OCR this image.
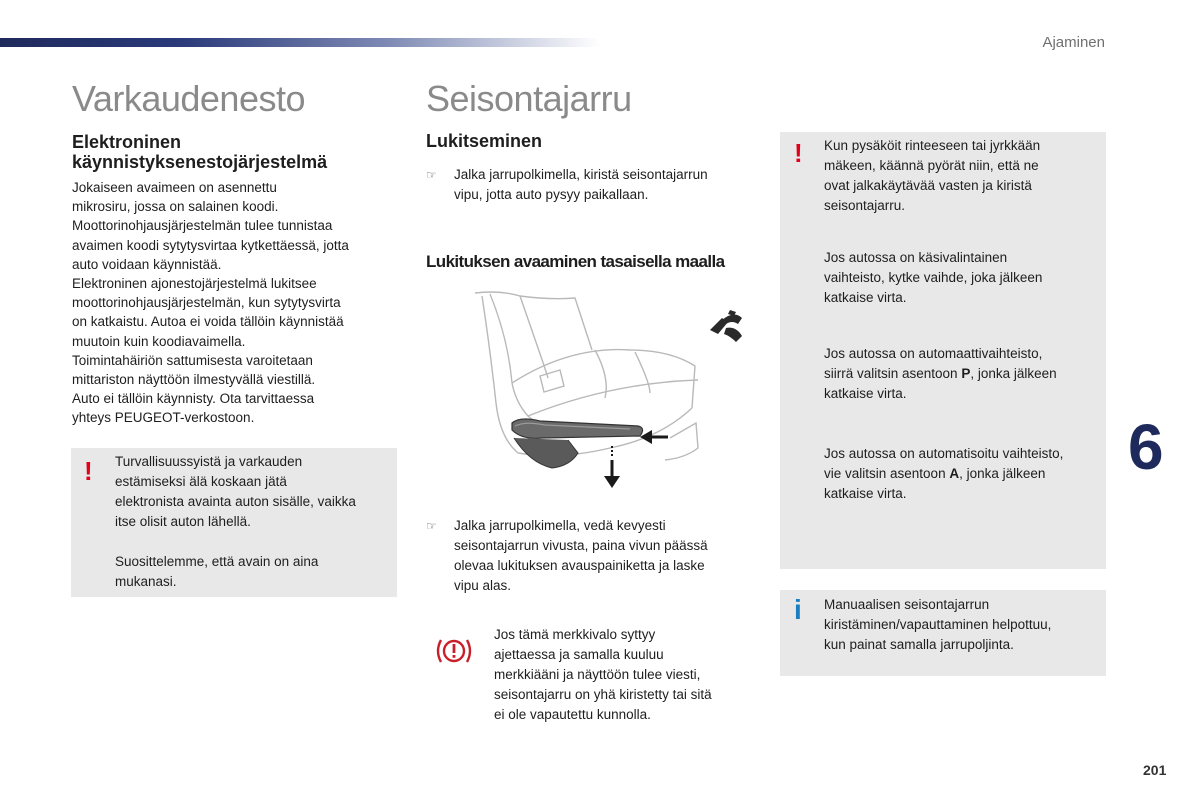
Ajaminen
Varkaudenesto
Elektroninen käynnistyksenestojärjestelmä

Jokaiseen avaimeen on asennettu

mikrosiru, jossa on salainen koodi.

Moottorinohjausjärjestelmän tulee tunnistaa

avaimen koodi sytytysvirtaa kytkettäessä, jotta

auto voidaan käynnistää.

Elektroninen ajonestojärjestelmä lukitsee

moottorinohjausjärjestelmän, kun sytytysvirta

on katkaistu. Autoa ei voida tällöin käynnistää

muutoin kuin koodiavaimella.

Toimintahäiriön sattumisesta varoitetaan

mittariston näyttöön ilmestyvällä viestillä.

Auto ei tällöin käynnisty. Ota tarvittaessa

yhteys PEUGEOT-verkostoon.

! Turvallisuussyistä ja varkauden

estämiseksi älä koskaan jätä

elektronista avainta auton sisälle, vaikka

itse olisit auton lähellä.

Suosittelemme, että avain on aina

mukanasi.

Seisontajarru
Lukitseminen
☞ Jalka jarrupolkimella, kiristä seisontajarrun
vipu, jotta auto pysyy paikallaan.
Lukituksen avaaminen tasaisella maalla
☞ Jalka jarrupolkimella, vedä kevyesti
seisontajarrun vivusta, paina vivun päässä
olevaa lukituksen avauspainiketta ja laske
vipu alas.

Jos tämä merkkivalo syttyy

ajettaessa ja samalla kuuluu

merkkiääni ja näyttöön tulee viesti,

seisontajarru on yhä kiristetty tai sitä

ei ole vapautettu kunnolla.

! Kun pysäköit rinteeseen tai jyrkkään

mäkeen, käännä pyörät niin, että ne

ovat jalkakäytävää vasten ja kiristä

seisontajarru.

Jos autossa on käsivalintainen

vaihteisto, kytke vaihde, joka jälkeen

katkaise virta.

Jos autossa on automaattivaihteisto,

siirrä valitsin asentoon P, jonka jälkeen

katkaise virta.

Jos autossa on automatisoitu vaihteisto,

vie valitsin asentoon A, jonka jälkeen

katkaise virta.

i Manuaalisen seisontajarrun

kiristäminen/vapauttaminen helpottuu,

kun painat samalla jarrupoljinta.

6
201
